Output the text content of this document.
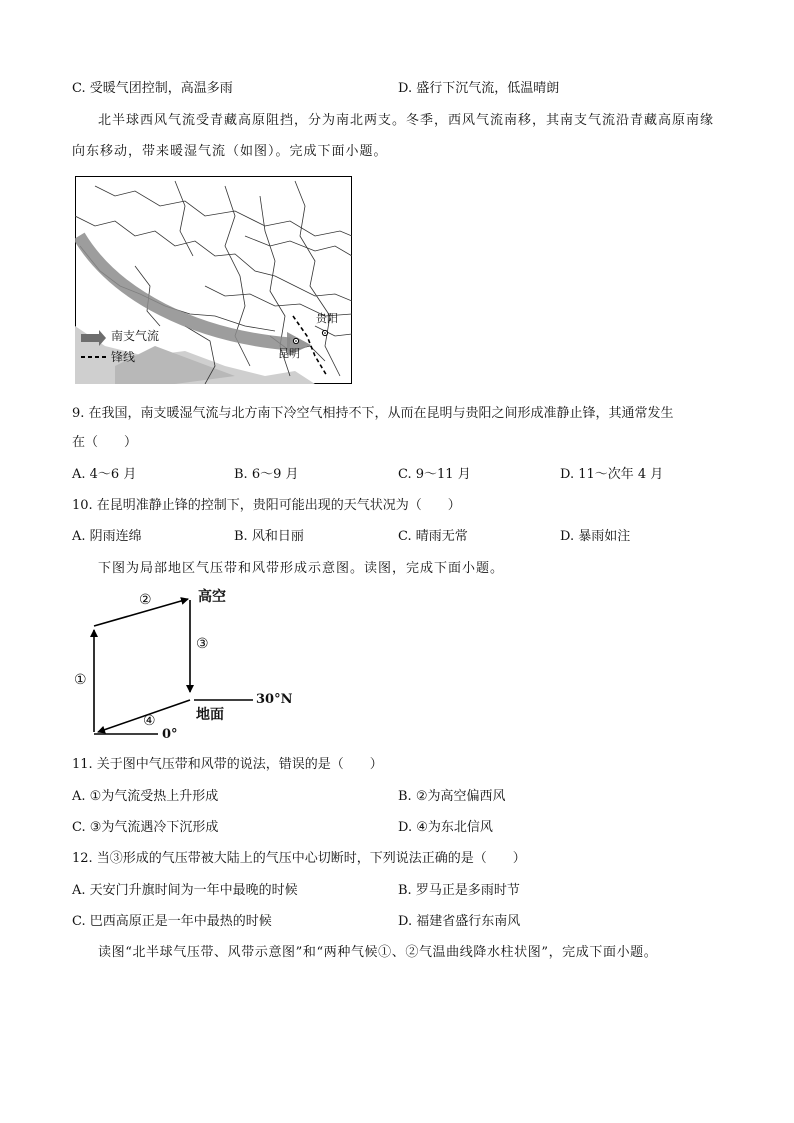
C. 受暖气团控制，高温多雨	D. 盛行下沉气流，低温晴朗
北半球西风气流受青藏高原阻挡，分为南北两支。冬季，西风气流南移，其南支气流沿青藏高原南缘
向东移动，带来暖湿气流（如图）。完成下面小题。
南支气流
锋线
贵阳
昆明
9. 在我国，南支暖湿气流与北方南下冷空气相持不下，从而在昆明与贵阳之间形成准静止锋，其通常发生
在（　　）
A. 4～6 月	B. 6～9 月	C. 9～11 月	D. 11～次年 4 月
10. 在昆明准静止锋的控制下，贵阳可能出现的天气状况为（　　）
A. 阴雨连绵	B. 风和日丽	C. 晴雨无常	D. 暴雨如注
下图为局部地区气压带和风带形成示意图。读图，完成下面小题。
①
②
③
④
高空
地面
30°N
0°
11. 关于图中气压带和风带的说法，错误的是（　　）
A. ①为气流受热上升形成	B. ②为高空偏西风
C. ③为气流遇冷下沉形成	D. ④为东北信风
12. 当③形成的气压带被大陆上的气压中心切断时，下列说法正确的是（　　）
A. 天安门升旗时间为一年中最晚的时候	B. 罗马正是多雨时节
C. 巴西高原正是一年中最热的时候	D. 福建省盛行东南风
读图“北半球气压带、风带示意图”和“两种气候①、②气温曲线降水柱状图”，完成下面小题。
